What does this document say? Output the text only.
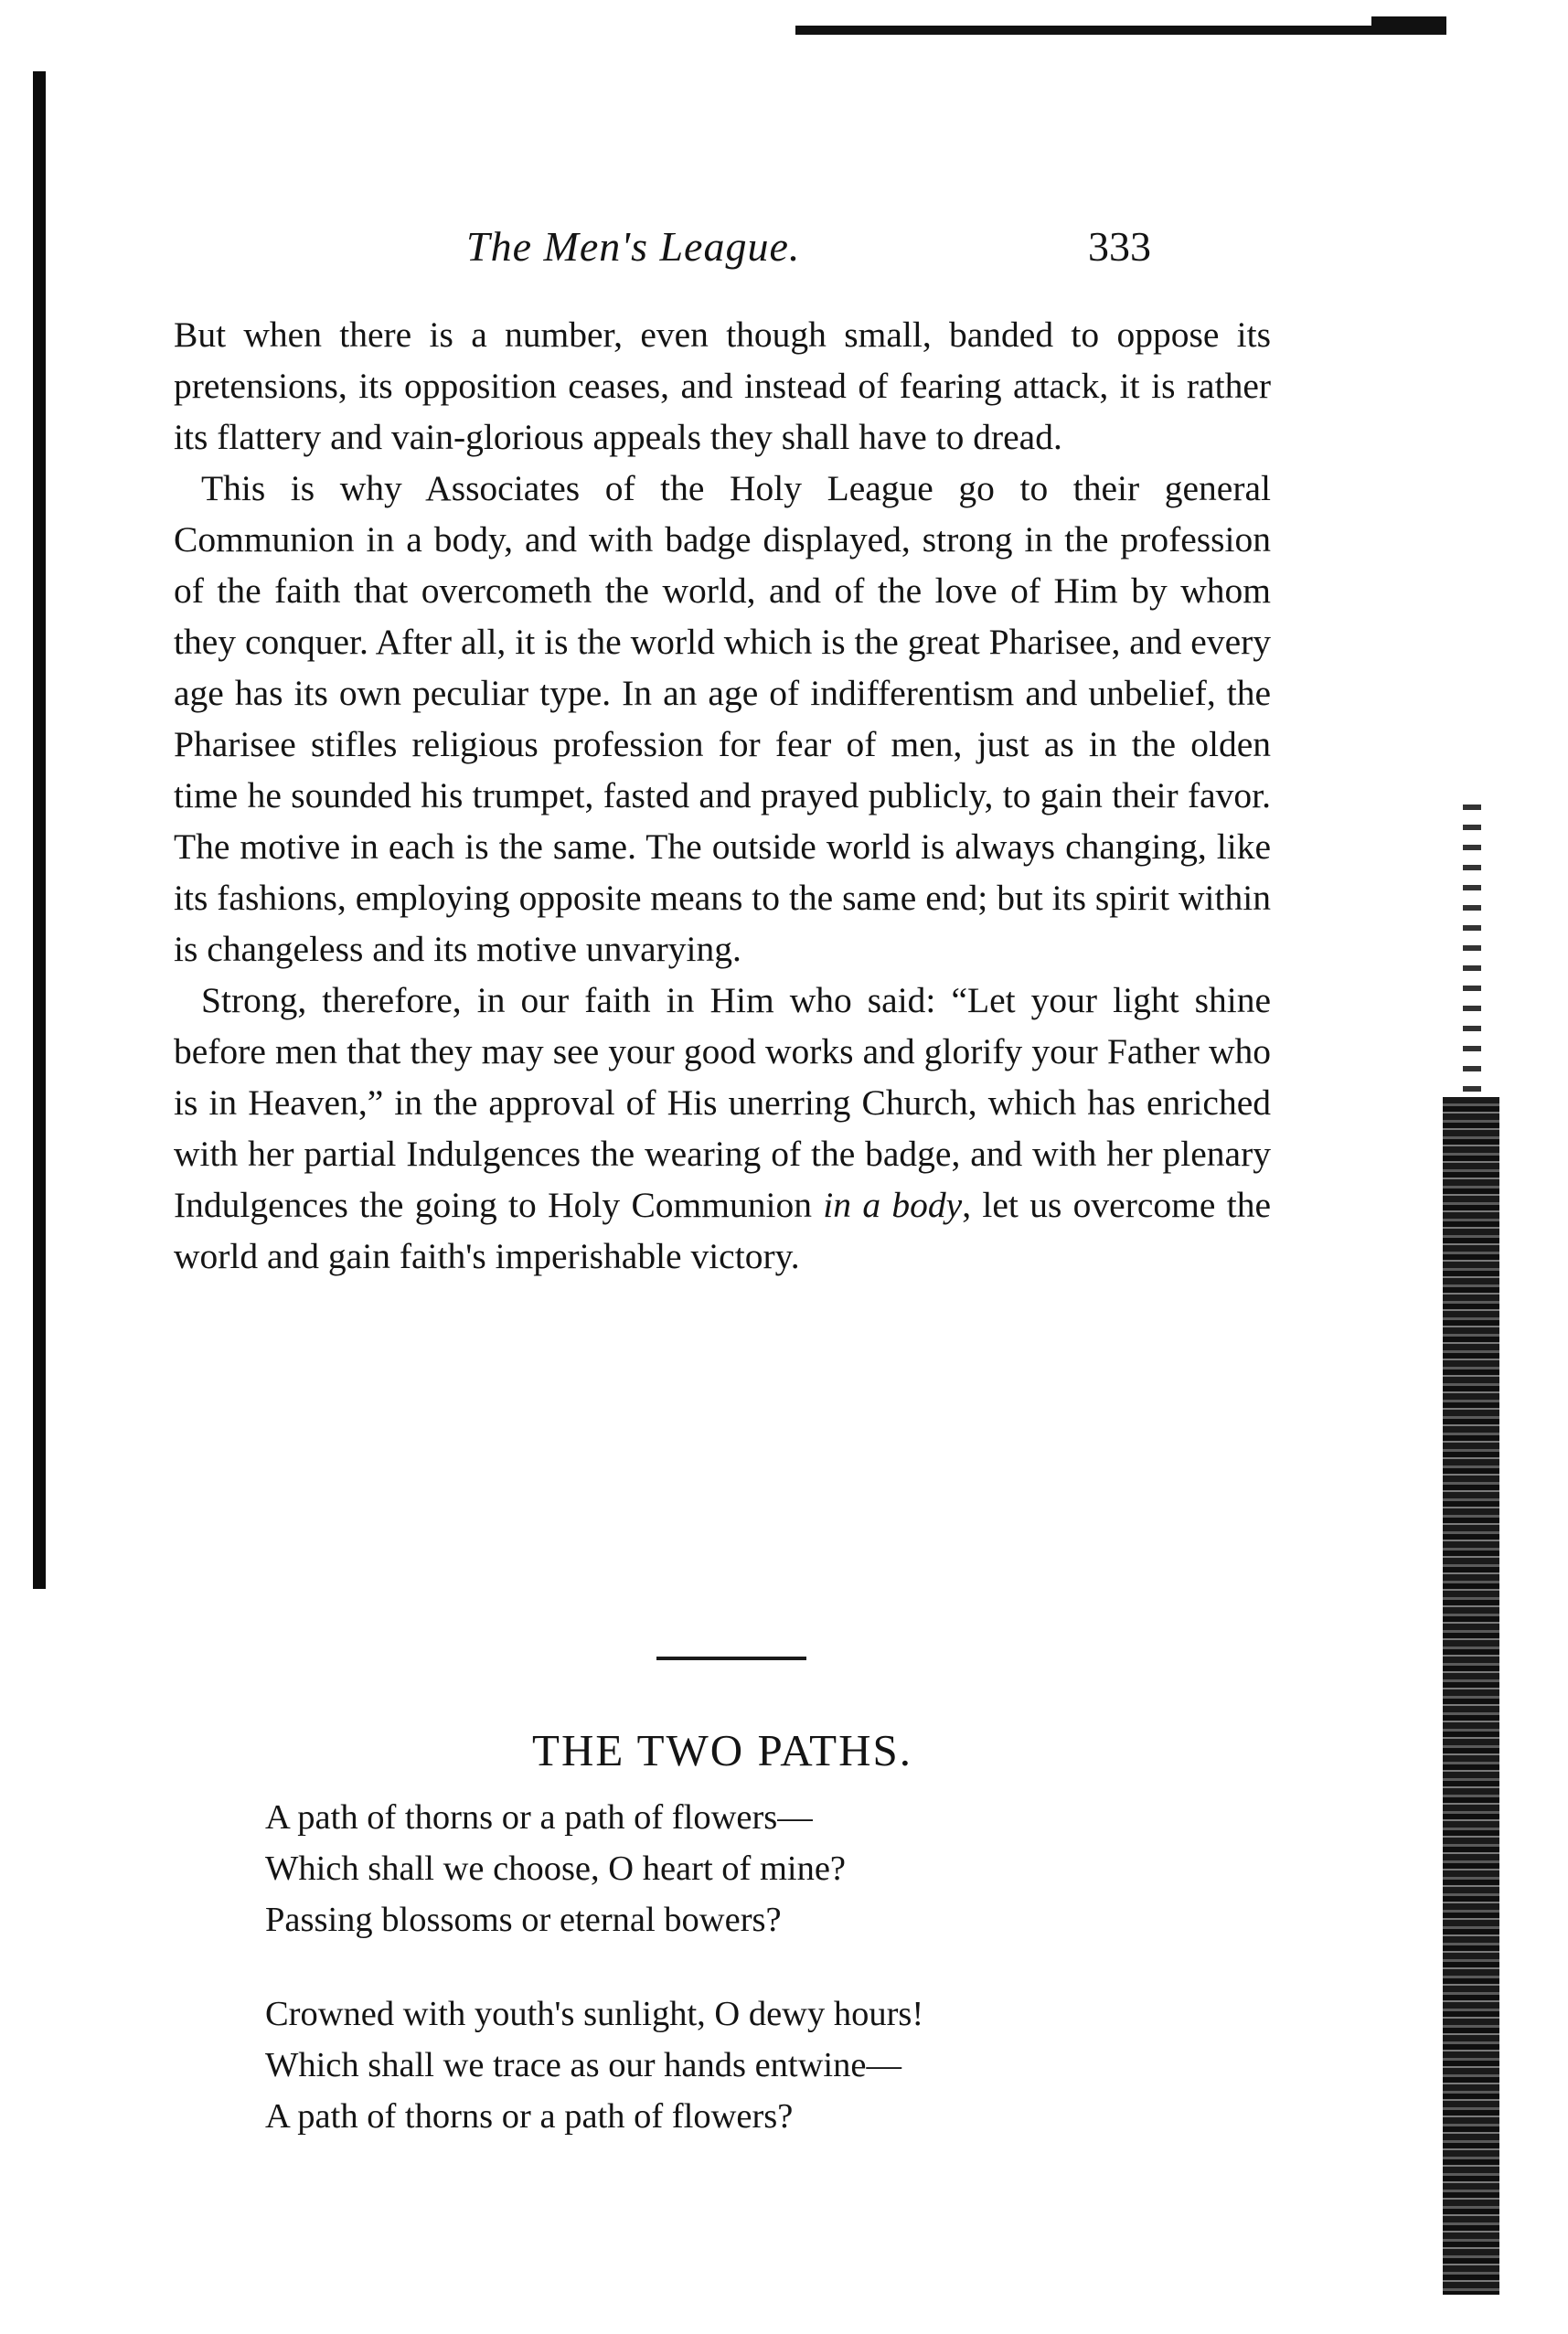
The Men's League.	333

But when there is a number, even though small, banded to oppose its pretensions, its opposition ceases, and instead of fearing attack, it is rather its flattery and vain-glorious appeals they shall have to dread.

This is why Associates of the Holy League go to their general Communion in a body, and with badge displayed, strong in the profession of the faith that overcometh the world, and of the love of Him by whom they conquer. After all, it is the world which is the great Pharisee, and every age has its own peculiar type. In an age of indifferentism and unbelief, the Pharisee stifles religious profession for fear of men, just as in the olden time he sounded his trumpet, fasted and prayed publicly, to gain their favor. The motive in each is the same. The outside world is always changing, like its fashions, employing opposite means to the same end; but its spirit within is changeless and its motive unvarying.

Strong, therefore, in our faith in Him who said: “Let your light shine before men that they may see your good works and glorify your Father who is in Heaven,” in the approval of His unerring Church, which has enriched with her partial Indulgences the wearing of the badge, and with her plenary Indulgences the going to Holy Communion in a body, let us overcome the world and gain faith's imperishable victory.

THE TWO PATHS.
A path of thorns or a path of flowers—
Which shall we choose, O heart of mine?
Passing blossoms or eternal bowers?
Crowned with youth's sunlight, O dewy hours!
Which shall we trace as our hands entwine—
A path of thorns or a path of flowers?
